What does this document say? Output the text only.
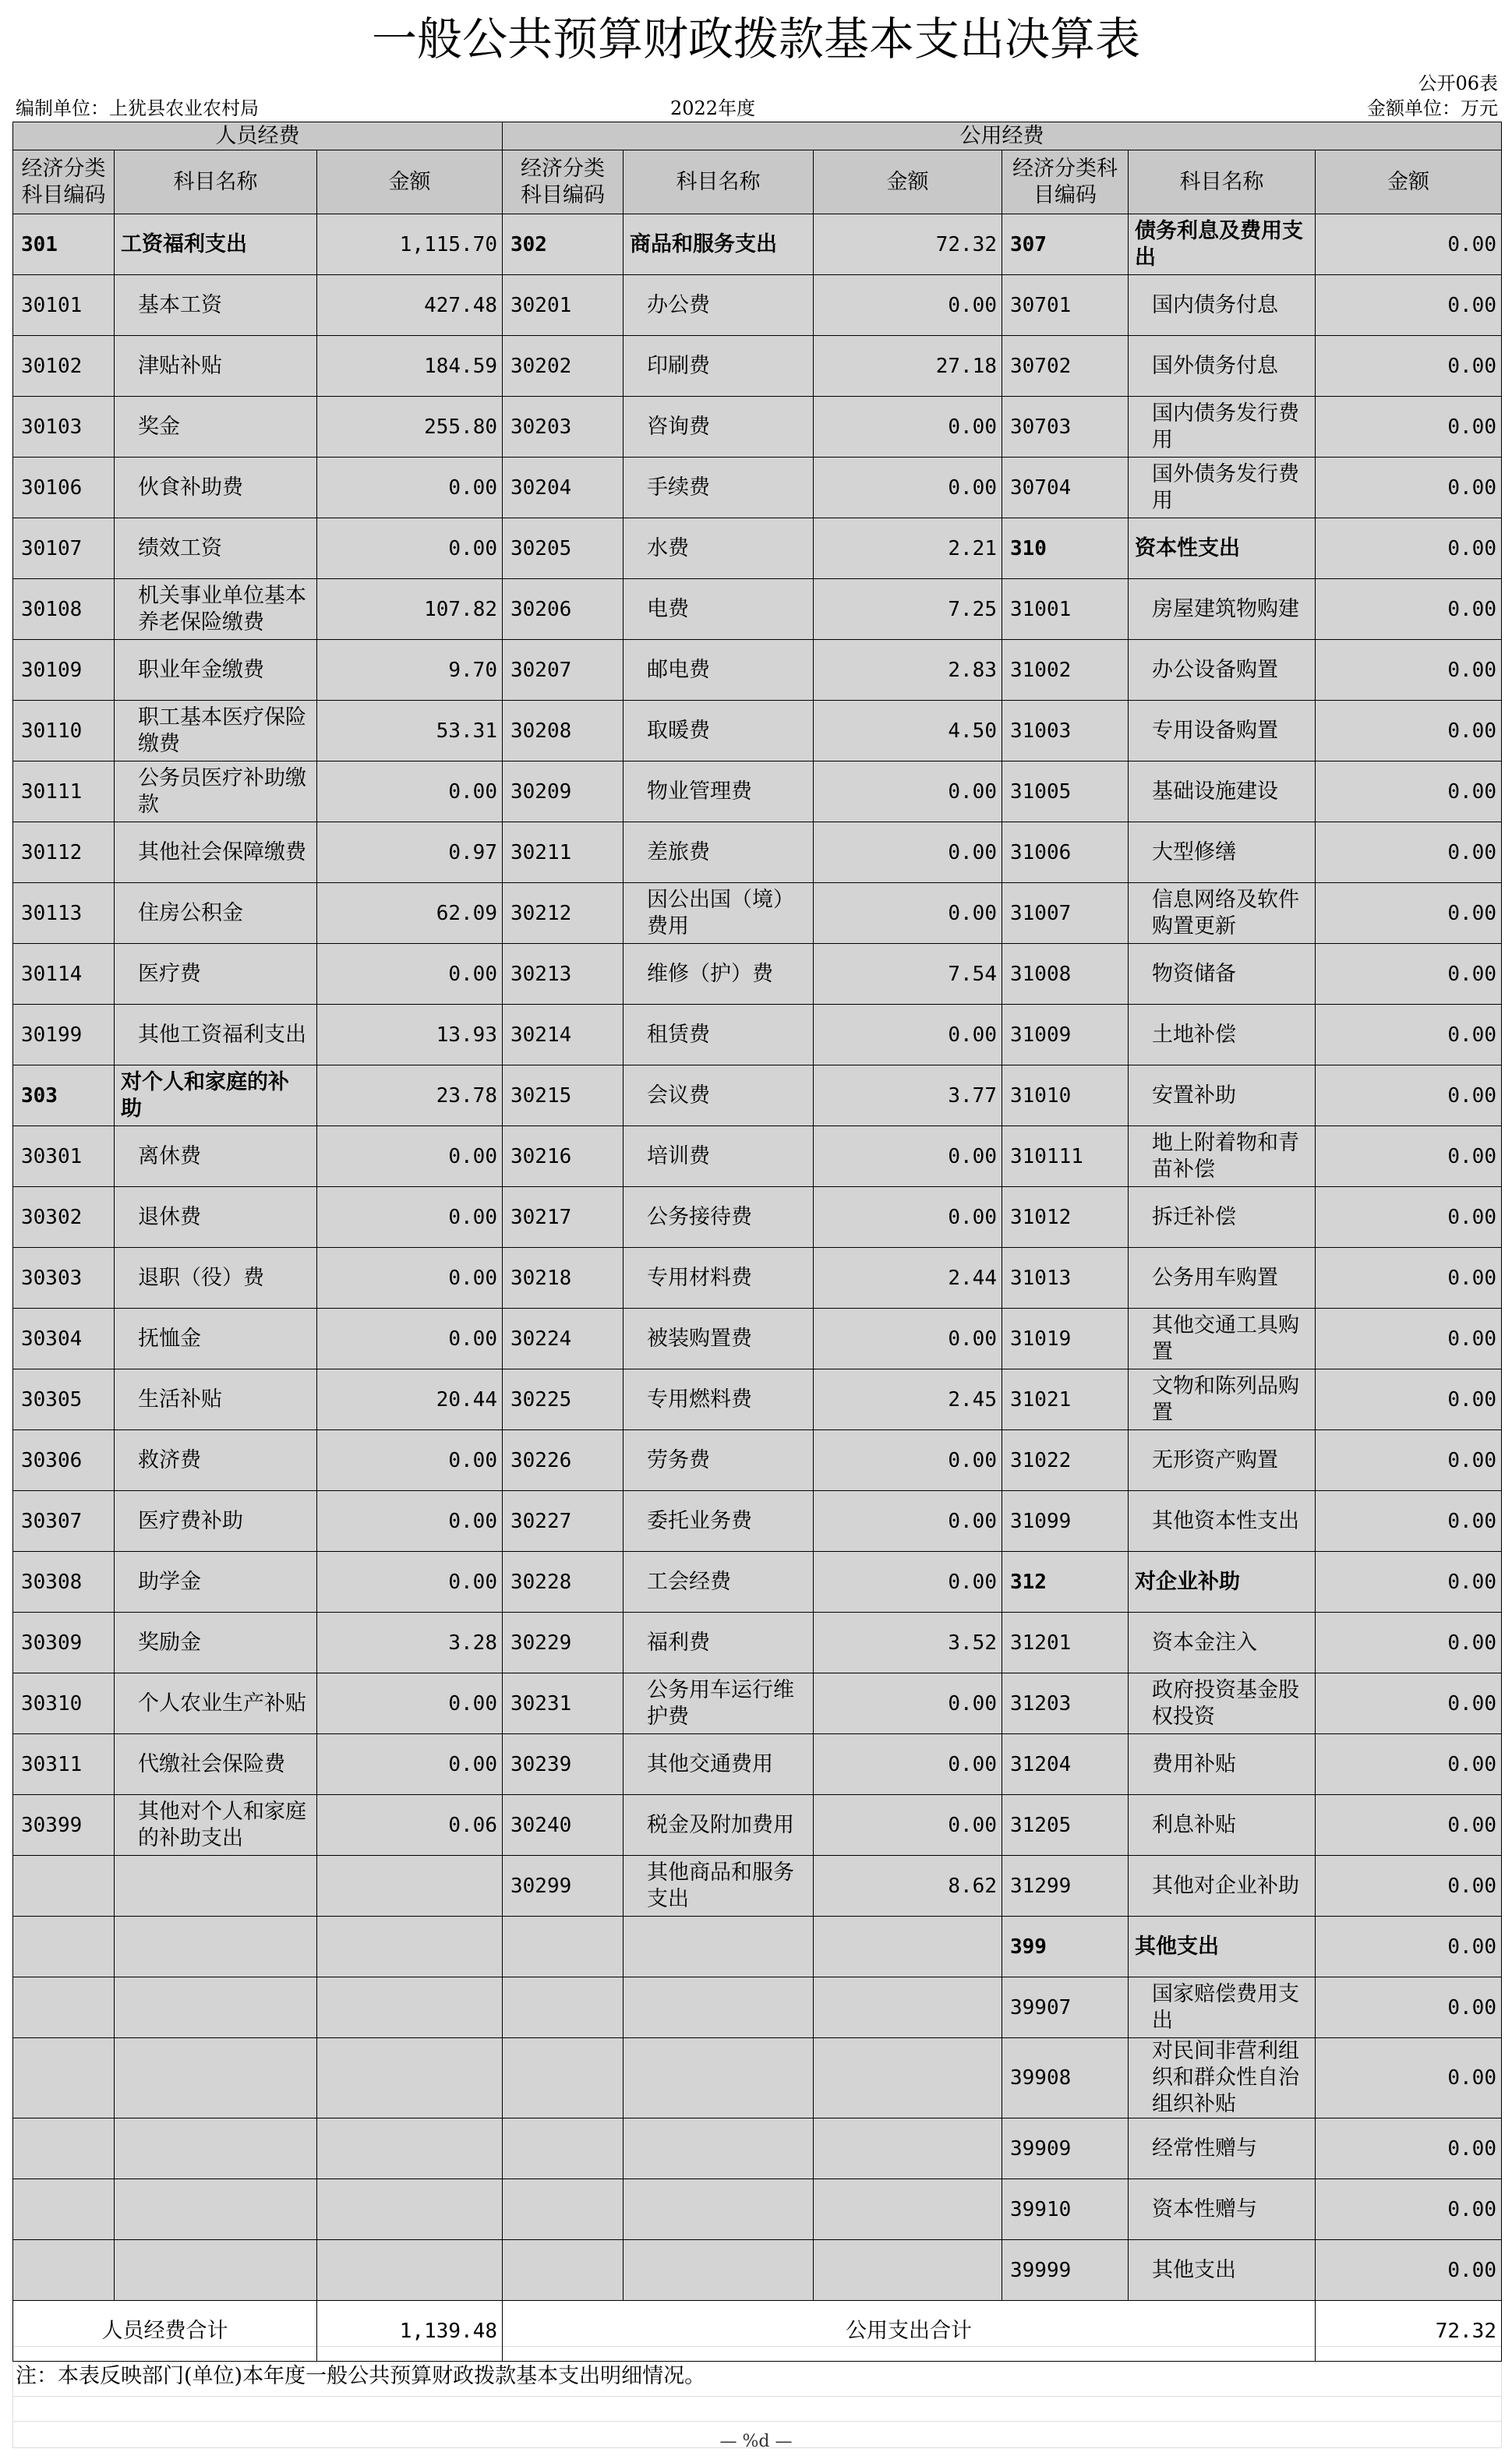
一般公共预算财政拨款基本支出决算表
公开06表
编制单位：上犹县农业农村局	2022年度	金额单位：万元
人员经费			公用经费					
经济分类科目编码	科目名称	金额	经济分类科目编码	科目名称	金额	经济分类科目编码	科目名称	金额
301	工资福利支出	1,115.70	302	商品和服务支出	72.32	307	债务利息及费用支出	0.00
30101	基本工资	427.48	30201	办公费	0.00	30701	国内债务付息	0.00
30102	津贴补贴	184.59	30202	印刷费	27.18	30702	国外债务付息	0.00
30103	奖金	255.80	30203	咨询费	0.00	30703	国内债务发行费用	0.00
30106	伙食补助费	0.00	30204	手续费	0.00	30704	国外债务发行费用	0.00
30107	绩效工资	0.00	30205	水费	2.21	310	资本性支出	0.00
30108	机关事业单位基本养老保险缴费	107.82	30206	电费	7.25	31001	房屋建筑物购建	0.00
30109	职业年金缴费	9.70	30207	邮电费	2.83	31002	办公设备购置	0.00
30110	职工基本医疗保险缴费	53.31	30208	取暖费	4.50	31003	专用设备购置	0.00
30111	公务员医疗补助缴款	0.00	30209	物业管理费	0.00	31005	基础设施建设	0.00
30112	其他社会保障缴费	0.97	30211	差旅费	0.00	31006	大型修缮	0.00
30113	住房公积金	62.09	30212	因公出国（境）费用	0.00	31007	信息网络及软件购置更新	0.00
30114	医疗费	0.00	30213	维修（护）费	7.54	31008	物资储备	0.00
30199	其他工资福利支出	13.93	30214	租赁费	0.00	31009	土地补偿	0.00
303	对个人和家庭的补助	23.78	30215	会议费	3.77	31010	安置补助	0.00
30301	离休费	0.00	30216	培训费	0.00	310111	地上附着物和青苗补偿	0.00
30302	退休费	0.00	30217	公务接待费	0.00	31012	拆迁补偿	0.00
30303	退职（役）费	0.00	30218	专用材料费	2.44	31013	公务用车购置	0.00
30304	抚恤金	0.00	30224	被装购置费	0.00	31019	其他交通工具购置	0.00
30305	生活补贴	20.44	30225	专用燃料费	2.45	31021	文物和陈列品购置	0.00
30306	救济费	0.00	30226	劳务费	0.00	31022	无形资产购置	0.00
30307	医疗费补助	0.00	30227	委托业务费	0.00	31099	其他资本性支出	0.00
30308	助学金	0.00	30228	工会经费	0.00	312	对企业补助	0.00
30309	奖励金	3.28	30229	福利费	3.52	31201	资本金注入	0.00
30310	个人农业生产补贴	0.00	30231	公务用车运行维护费	0.00	31203	政府投资基金股权投资	0.00
30311	代缴社会保险费	0.00	30239	其他交通费用	0.00	31204	费用补贴	0.00
30399	其他对个人和家庭的补助支出	0.06	30240	税金及附加费用	0.00	31205	利息补贴	0.00
			30299	其他商品和服务支出	8.62	31299	其他对企业补助	0.00
						399	其他支出	0.00
						39907	国家赔偿费用支出	0.00
						39908	对民间非营利组织和群众性自治组织补贴	0.00
						39909	经常性赠与	0.00
						39910	资本性赠与	0.00
						39999	其他支出	0.00
人员经费合计		1,139.48	公用支出合计					72.32
注：本表反映部门(单位)本年度一般公共预算财政拨款基本支出明细情况。
— %d —
